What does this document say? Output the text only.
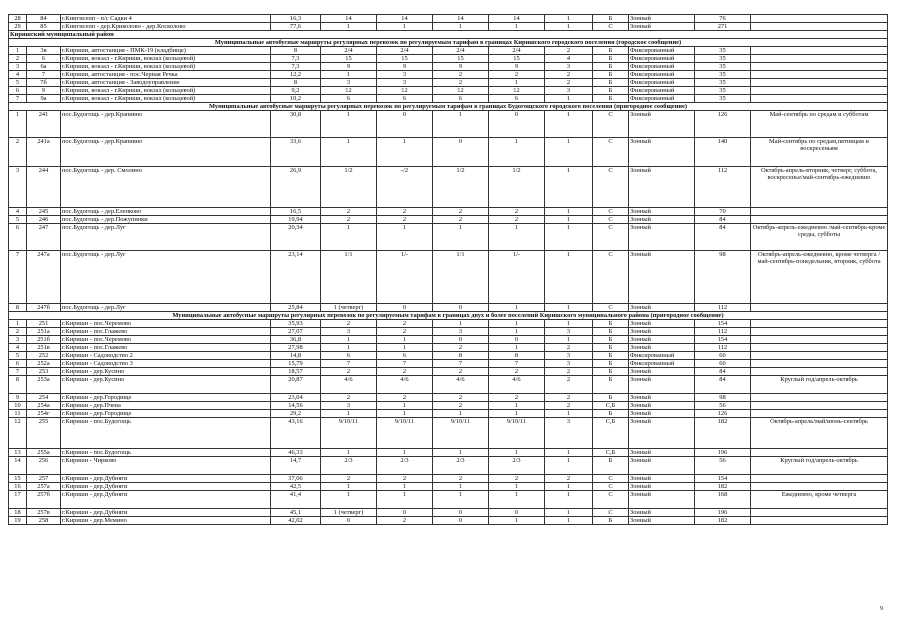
28	84	г.Кингисепп - п/с Садки 4	16,3	14	14	14	14	1	Б	Зонный	76	
29	85	г.Кингисепп - дер.Криколово - дер.Косколово	77,6	1	1	1	1	1	С	Зонный	271	
Киришский муниципальный район												
Муниципальные автобусные маршруты регулярных перевозок по регулируемым тарифам в границах Киришского городского поселения (городское сообщение)												
1	3в	г.Кириши, автостанция - ПМК-19 (кладбище)	8	2/4	2/4	2/4	2/4	2	Б	Фиксированный	35	
2	6	г.Кириши, вокзал - г.Кириши, вокзал (кольцевой)	7,3	15	15	15	15	4	Б	Фиксированный	35	
3	6а	г.Кириши, вокзал - г.Кириши, вокзал (кольцевой)	7,3	9	9	9	9	3	Б	Фиксированный	35	
4	7	г.Кириши, автостанция - пос.Черная Речка	12,2	1	3	2	2	2	Б	Фиксированный	35	
5	7б	г.Кириши, автостанция - Заводоуправление	8	3	3	2	1	2	Б	Фиксированный	35	
6	9	г.Кириши, вокзал - г.Кириши, вокзал (кольцевой)	9,2	12	12	12	12	3	Б	Фиксированный	35	
7	9а	г.Кириши, вокзал - г.Кириши, вокзал (кольцевой)	10,2	6	6	6	6	1	Б	Фиксированный	35	
Муниципальные автобусные маршруты регулярных перевозок по регулируемым тарифам в границах Будогощского городского поселения (пригородное сообщение)												
1	241	пос.Будогощь - дер.Крапивно	30,8	1	0	1	0	1	С	Зонный	126	Май-сентябрь по средам и субботам
2	241а	пос.Будогощь - дер.Крапивно	33,6	1	1	0	1	1	С	Зонный	140	Май-сентябрь по средам,пятницам и воскресеньям
3	244	пос.Будогощь - дер. Смолино	26,9	1/2	-/2	1/2	1/2	1	С	Зонный	112	Октябрь-апрель-вторник, четверг, суббота, воскресенье/май-сентябрь-ежедневно
4	245	пос.Будогощь - дер.Еленково	16,5	2	2	2	2	1	С	Зонный	70	
5	246	пос.Будогощь - дер.Пожупинки	19,94	2	2	2	2	1	С	Зонный	84	
6	247	пос.Будогощь - дер.Луг	20,34	1	1	1	1	1	С	Зонный	84	Октябрь-апрель-ежедневно /май-сентябрь-кроме среды, субботы
7	247а	пос.Будогощь - дер.Луг	23,14	1/1	1/-	1/1	1/-	1	С	Зонный	98	Октябрь-апрель-ежедневно, кроме четверга /май-сентябрь-понедельник, вторник, суббота
8	247б	пос.Будогощь - дер.Луг	25,84	1 (четверг)	0	0	1	1	С	Зонный	112	
Муниципальные автобусные маршруты регулярных перевозок по регулируемым тарифам в границах двух и более поселений Киришского муниципального района (пригородное сообщение)												
1	251	г.Кириши - пос.Черемово	35,93	2	2	1	1	1	Б	Зонный	154	
2	251а	г.Кириши - пос.Глажево	27,07	3	2	3	1	3	Б	Зонный	112	
3	251б	г.Кириши - пос.Черемово	36,8	1	1	0	0	1	Б	Зонный	154	
4	251в	г.Кириши - пос.Глажево	27,98	1	1	2	1	2	Б	Зонный	112	
5	252	г.Кириши - Садоводство 2	14,8	6	6	8	8	3	Б	Фиксированный	60	
6	252а	г.Кириши - Садоводство 3	15,79	7	7	7	7	3	Б	Фиксированный	60	
7	253	г.Кириши - дер.Кусино	18,57	2	2	2	2	2	Б	Зонный	84	
8	253а	г.Кириши - дер.Кусино	20,87	4/6	4/6	4/6	4/6	2	Б	Зонный	84	Круглый год/апрель-октябрь
9	254	г.Кириши - дер.Городище	23,04	2	2	2	2	2	Б	Зонный	98	
10	254а	г.Кириши - дер.Пчева	14,56	3	1	2	1	2	С,Б	Зонный	56	
11	254г	г.Кириши - дер.Городище	29,2	1	1	1	1	1	Б	Зонный	126	
12	255	г.Кириши - пос.Будогощь	43,16	9/10/11	9/10/11	9/10/11	9/10/11	3	С,Б	Зонный	182	Октябрь-апрель/май/июнь-сентябрь
13	255а	г.Кириши - пос.Будогощь	46,33	1	1	1	1	1	С,Б	Зонный	196	
14	256	г.Кириши - Чирково	14,7	2/3	2/3	2/3	2/3	1	Б	Зонный	56	Круглый год/апрель-октябрь
15	257	г.Кириши - дер.Дубняги	37,06	2	2	2	2	2	С	Зонный	154	
16	257а	г.Кириши - дер.Дубняги	42,5	1	1	1	1	1	С	Зонный	182	
17	257б	г.Кириши - дер.Дубняги	41,4	1	1	1	1	1	С	Зонный	168	Ежедневно, кроме четверга
18	257в	г.Кириши - дер.Дубняги	45,1	1 (четверг)	0	0	0	1	С	Зонный	196	
19	258	г.Кириши - дер.Мемино	42,02	0	2	0	1	1	Б	Зонный	182	
9
